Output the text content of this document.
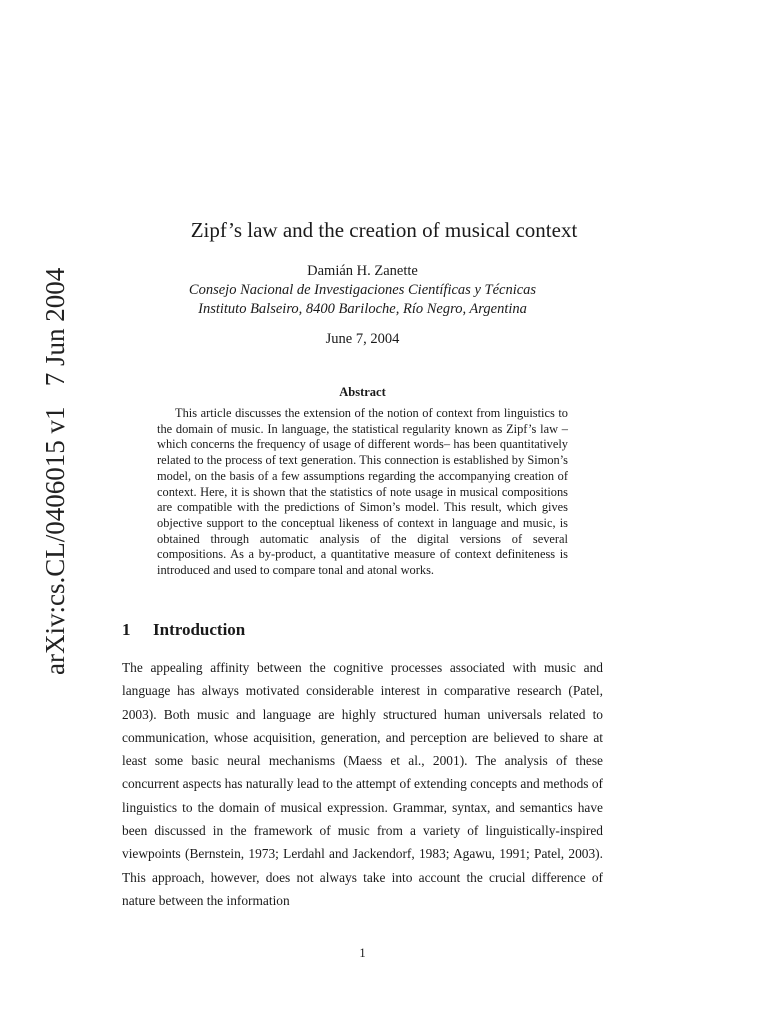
arXiv:cs.CL/0406015 v1   7 Jun 2004
Zipf’s law and the creation of musical context
Damián H. Zanette
Consejo Nacional de Investigaciones Científicas y Técnicas
Instituto Balseiro, 8400 Bariloche, Río Negro, Argentina
June 7, 2004
Abstract
This article discusses the extension of the notion of context from linguistics to the domain of music. In language, the statistical regularity known as Zipf’s law –which concerns the frequency of usage of different words– has been quantitatively related to the process of text generation. This connection is established by Simon’s model, on the basis of a few assumptions regarding the accompanying creation of context. Here, it is shown that the statistics of note usage in musical compositions are compatible with the predictions of Simon’s model. This result, which gives objective support to the conceptual likeness of context in language and music, is obtained through automatic analysis of the digital versions of several compositions. As a by-product, a quantitative measure of context definiteness is introduced and used to compare tonal and atonal works.
1 Introduction
The appealing affinity between the cognitive processes associated with music and language has always motivated considerable interest in comparative research (Patel, 2003). Both music and language are highly structured human universals related to communication, whose acquisition, generation, and perception are believed to share at least some basic neural mechanisms (Maess et al., 2001). The analysis of these concurrent aspects has naturally lead to the attempt of extending concepts and methods of linguistics to the domain of musical expression. Grammar, syntax, and semantics have been discussed in the framework of music from a variety of linguistically-inspired viewpoints (Bernstein, 1973; Lerdahl and Jackendorf, 1983; Agawu, 1991; Patel, 2003). This approach, however, does not always take into account the crucial difference of nature between the information
1
